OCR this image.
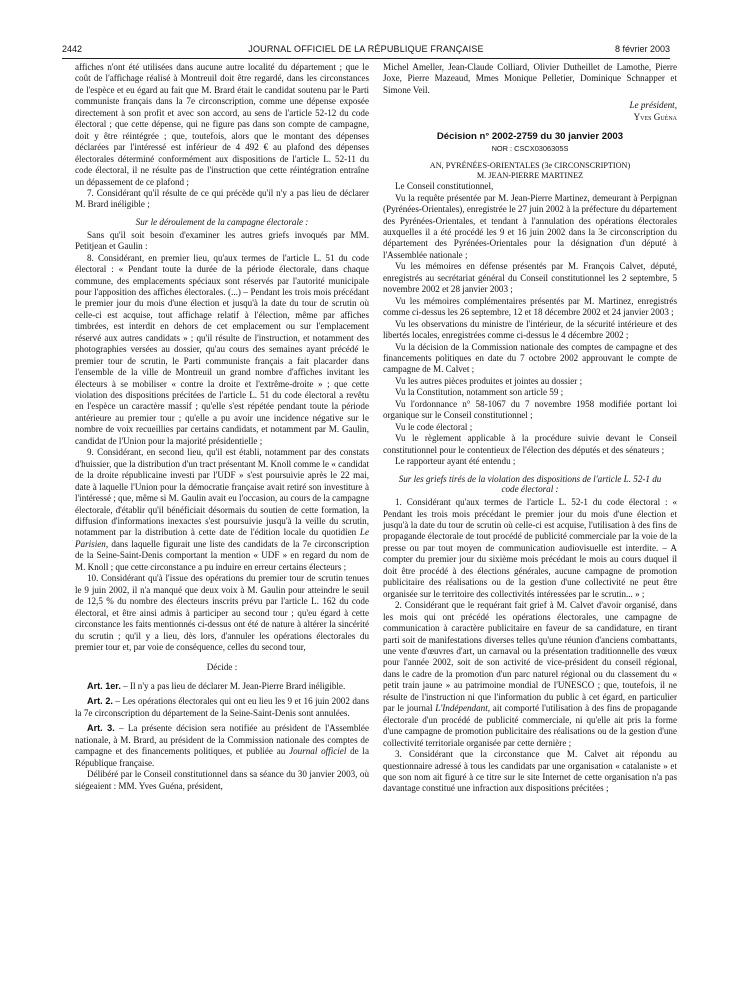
2442	JOURNAL OFFICIEL DE LA RÉPUBLIQUE FRANÇAISE	8 février 2003

affiches n'ont été utilisées dans aucune autre localité du département ; que le coût de l'affichage réalisé à Montreuil doit être regardé, dans les circonstances de l'espèce et eu égard au fait que M. Brard était le candidat soutenu par le Parti communiste français dans la 7e circonscription, comme une dépense exposée directement à son profit et avec son accord, au sens de l'article 52-12 du code électoral ; que cette dépense, qui ne figure pas dans son compte de campagne, doit y être réintégrée ; que, toutefois, alors que le montant des dépenses déclarées par l'intéressé est inférieur de 4 492 € au plafond des dépenses électorales déterminé conformément aux dispositions de l'article L. 52-11 du code électoral, il ne résulte pas de l'instruction que cette réintégration entraîne un dépassement de ce plafond ;

7. Considérant qu'il résulte de ce qui précède qu'il n'y a pas lieu de déclarer M. Brard inéligible ;

Sur le déroulement de la campagne électorale :

Sans qu'il soit besoin d'examiner les autres griefs invoqués par MM. Petitjean et Gaulin :

8. Considérant, en premier lieu, qu'aux termes de l'article L. 51 du code électoral : « Pendant toute la durée de la période électorale, dans chaque commune, des emplacements spéciaux sont réservés par l'autorité municipale pour l'apposition des affiches électorales. (...) – Pendant les trois mois précédant le premier jour du mois d'une élection et jusqu'à la date du tour de scrutin où celle-ci est acquise, tout affichage relatif à l'élection, même par affiches timbrées, est interdit en dehors de cet emplacement ou sur l'emplacement réservé aux autres candidats » ; qu'il résulte de l'instruction, et notamment des photographies versées au dossier, qu'au cours des semaines ayant précédé le premier tour de scrutin, le Parti communiste français a fait placarder dans l'ensemble de la ville de Montreuil un grand nombre d'affiches invitant les électeurs à se mobiliser « contre la droite et l'extrême-droite » ; que cette violation des dispositions précitées de l'article L. 51 du code électoral a revêtu en l'espèce un caractère massif ; qu'elle s'est répétée pendant toute la période antérieure au premier tour ; qu'elle a pu avoir une incidence négative sur le nombre de voix recueillies par certains candidats, et notamment par M. Gaulin, candidat de l'Union pour la majorité présidentielle ;

9. Considérant, en second lieu, qu'il est établi, notamment par des constats d'huissier, que la distribution d'un tract présentant M. Knoll comme le « candidat de la droite républicaine investi par l'UDF » s'est poursuivie après le 22 mai, date à laquelle l'Union pour la démocratie française avait retiré son investiture à l'intéressé ; que, même si M. Gaulin avait eu l'occasion, au cours de la campagne électorale, d'établir qu'il bénéficiait désormais du soutien de cette formation, la diffusion d'informations inexactes s'est poursuivie jusqu'à la veille du scrutin, notamment par la distribution à cette date de l'édition locale du quotidien Le Parisien, dans laquelle figurait une liste des candidats de la 7e circonscription de la Seine-Saint-Denis comportant la mention « UDF » en regard du nom de M. Knoll ; que cette circonstance a pu induire en erreur certains électeurs ;

10. Considérant qu'à l'issue des opérations du premier tour de scrutin tenues le 9 juin 2002, il n'a manqué que deux voix à M. Gaulin pour atteindre le seuil de 12,5 % du nombre des électeurs inscrits prévu par l'article L. 162 du code électoral, et être ainsi admis à participer au second tour ; qu'eu égard à cette circonstance les faits mentionnés ci-dessus ont été de nature à altérer la sincérité du scrutin ; qu'il y a lieu, dès lors, d'annuler les opérations électorales du premier tour et, par voie de conséquence, celles du second tour,

Décide :

Art. 1er. – Il n'y a pas lieu de déclarer M. Jean-Pierre Brard inéligible.

Art. 2. – Les opérations électorales qui ont eu lieu les 9 et 16 juin 2002 dans la 7e circonscription du département de la Seine-Saint-Denis sont annulées.

Art. 3. – La présente décision sera notifiée au président de l'Assemblée nationale, à M. Brard, au président de la Commission nationale des comptes de campagne et des financements politiques, et publiée au Journal officiel de la République française.

Délibéré par le Conseil constitutionnel dans sa séance du 30 janvier 2003, où siégeaient : MM. Yves Guéna, président,

Michel Ameller, Jean-Claude Colliard, Olivier Dutheillet de Lamothe, Pierre Joxe, Pierre Mazeaud, Mmes Monique Pelletier, Dominique Schnapper et Simone Veil.

Le président,

Yves Guéna

Décision n° 2002-2759 du 30 janvier 2003

NOR : CSCX0306305S

AN, PYRÉNÉES-ORIENTALES (3e CIRCONSCRIPTION)

M. JEAN-PIERRE MARTINEZ

Le Conseil constitutionnel,

Vu la requête présentée par M. Jean-Pierre Martinez, demeurant à Perpignan (Pyrénées-Orientales), enregistrée le 27 juin 2002 à la préfecture du département des Pyrénées-Orientales, et tendant à l'annulation des opérations électorales auxquelles il a été procédé les 9 et 16 juin 2002 dans la 3e circonscription du département des Pyrénées-Orientales pour la désignation d'un député à l'Assemblée nationale ;

Vu les mémoires en défense présentés par M. François Calvet, député, enregistrés au secrétariat général du Conseil constitutionnel les 2 septembre, 5 novembre 2002 et 28 janvier 2003 ;

Vu les mémoires complémentaires présentés par M. Martinez, enregistrés comme ci-dessus les 26 septembre, 12 et 18 décembre 2002 et 24 janvier 2003 ;

Vu les observations du ministre de l'intérieur, de la sécurité intérieure et des libertés locales, enregistrées comme ci-dessus le 4 décembre 2002 ;

Vu la décision de la Commission nationale des comptes de campagne et des financements politiques en date du 7 octobre 2002 approuvant le compte de campagne de M. Calvet ;

Vu les autres pièces produites et jointes au dossier ;

Vu la Constitution, notamment son article 59 ;

Vu l'ordonnance n° 58-1067 du 7 novembre 1958 modifiée portant loi organique sur le Conseil constitutionnel ;

Vu le code électoral ;

Vu le règlement applicable à la procédure suivie devant le Conseil constitutionnel pour le contentieux de l'élection des députés et des sénateurs ;

Le rapporteur ayant été entendu ;

Sur les griefs tirés de la violation des dispositions de l'article L. 52-1 du code électoral :

1. Considérant qu'aux termes de l'article L. 52-1 du code électoral : « Pendant les trois mois précédant le premier jour du mois d'une élection et jusqu'à la date du tour de scrutin où celle-ci est acquise, l'utilisation à des fins de propagande électorale de tout procédé de publicité commerciale par la voie de la presse ou par tout moyen de communication audiovisuelle est interdite. – A compter du premier jour du sixième mois précédant le mois au cours duquel il doit être procédé à des élections générales, aucune campagne de promotion publicitaire des réalisations ou de la gestion d'une collectivité ne peut être organisée sur le territoire des collectivités intéressées par le scrutin... » ;

2. Considérant que le requérant fait grief à M. Calvet d'avoir organisé, dans les mois qui ont précédé les opérations électorales, une campagne de communication à caractère publicitaire en faveur de sa candidature, en tirant parti soit de manifestations diverses telles qu'une réunion d'anciens combattants, une vente d'œuvres d'art, un carnaval ou la présentation traditionnelle des vœux pour l'année 2002, soit de son activité de vice-président du conseil régional, dans le cadre de la promotion d'un parc naturel régional ou du classement du « petit train jaune » au patrimoine mondial de l'UNESCO ; que, toutefois, il ne résulte de l'instruction ni que l'information du public à cet égard, en particulier par le journal L'Indépendant, ait comporté l'utilisation à des fins de propagande électorale d'un procédé de publicité commerciale, ni qu'elle ait pris la forme d'une campagne de promotion publicitaire des réalisations ou de la gestion d'une collectivité territoriale organisée par cette dernière ;

3. Considérant que la circonstance que M. Calvet ait répondu au questionnaire adressé à tous les candidats par une organisation « catalaniste » et que son nom ait figuré à ce titre sur le site Internet de cette organisation n'a pas davantage constitué une infraction aux dispositions précitées ;
